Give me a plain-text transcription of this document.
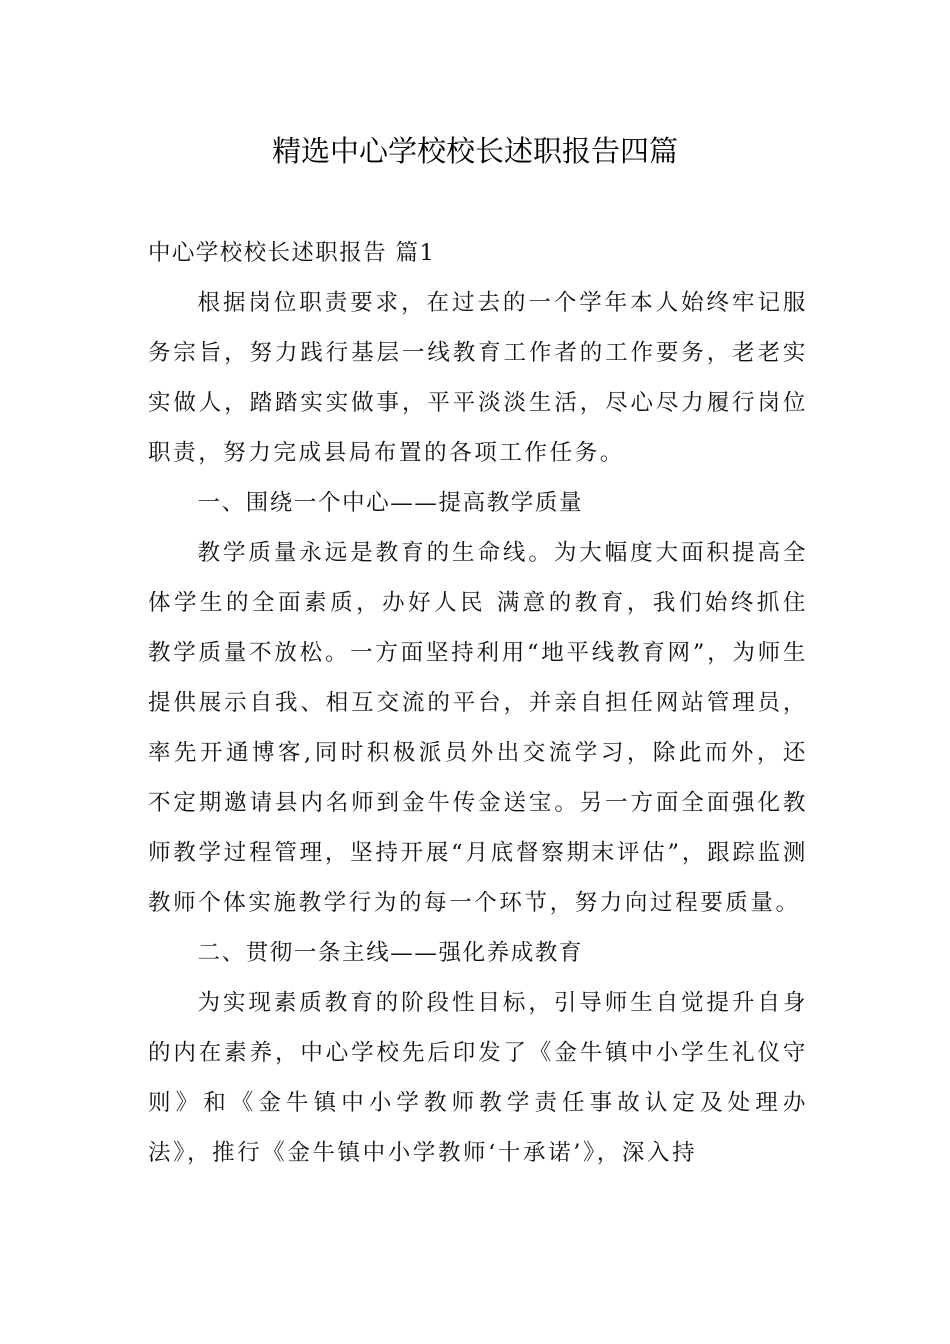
精选中心学校校长述职报告四篇

中心学校校长述职报告 篇1

根据岗位职责要求，在过去的一个学年本人始终牢记服务宗旨，努力践行基层一线教育工作者的工作要务，老老实实做人，踏踏实实做事，平平淡淡生活，尽心尽力履行岗位职责，努力完成县局布置的各项工作任务。

一、围绕一个中心——提高教学质量

教学质量永远是教育的生命线。为大幅度大面积提高全体学生的全面素质，办好人民 满意的教育，我们始终抓住教学质量不放松。一方面坚持利用“地平线教育网”，为师生提供展示自我、相互交流的平台，并亲自担任网站管理员，率先开通博客,同时积极派员外出交流学习，除此而外，还不定期邀请县内名师到金牛传金送宝。另一方面全面强化教师教学过程管理，坚持开展“月底督察期末评估”，跟踪监测教师个体实施教学行为的每一个环节，努力向过程要质量。

二、贯彻一条主线——强化养成教育

为实现素质教育的阶段性目标，引导师生自觉提升自身的内在素养，中心学校先后印发了《金牛镇中小学生礼仪守则》和《金牛镇中小学教师教学责任事故认定及处理办法》，推行《金牛镇中小学教师‘十承诺’》，深入持
